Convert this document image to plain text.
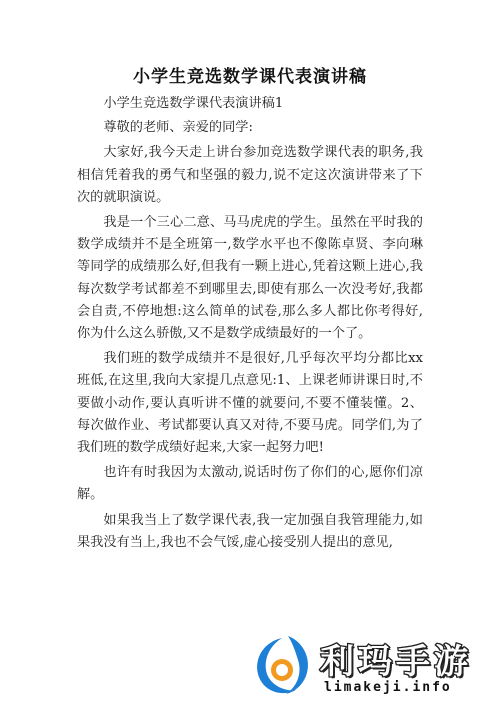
小学生竞选数学课代表演讲稿

小学生竞选数学课代表演讲稿1

尊敬的老师、亲爱的同学:

大家好,我今天走上讲台参加竞选数学课代表的职务,我相信凭着我的勇气和坚强的毅力,说不定这次演讲带来了下次的就职演说。

我是一个三心二意、马马虎虎的学生。虽然在平时我的数学成绩并不是全班第一,数学水平也不像陈卓贤、李向琳等同学的成绩那么好,但我有一颗上进心,凭着这颗上进心,我每次数学考试都差不到哪里去,即使有那么一次没考好,我都会自责,不停地想:这么简单的试卷,那么多人都比你考得好,你为什么这么骄傲,又不是数学成绩最好的一个了。

我们班的数学成绩并不是很好,几乎每次平均分都比xx班低,在这里,我向大家提几点意见:1、上课老师讲课日时,不要做小动作,要认真听讲不懂的就要问,不要不懂装懂。2、每次做作业、考试都要认真又对待,不要马虎。同学们,为了我们班的数学成绩好起来,大家一起努力吧!

也许有时我因为太激动,说话时伤了你们的心,愿你们凉解。

如果我当上了数学课代表,我一定加强自我管理能力,如果我没有当上,我也不会气馁,虚心接受别人提出的意见,

利玛手游
limakeji.info
